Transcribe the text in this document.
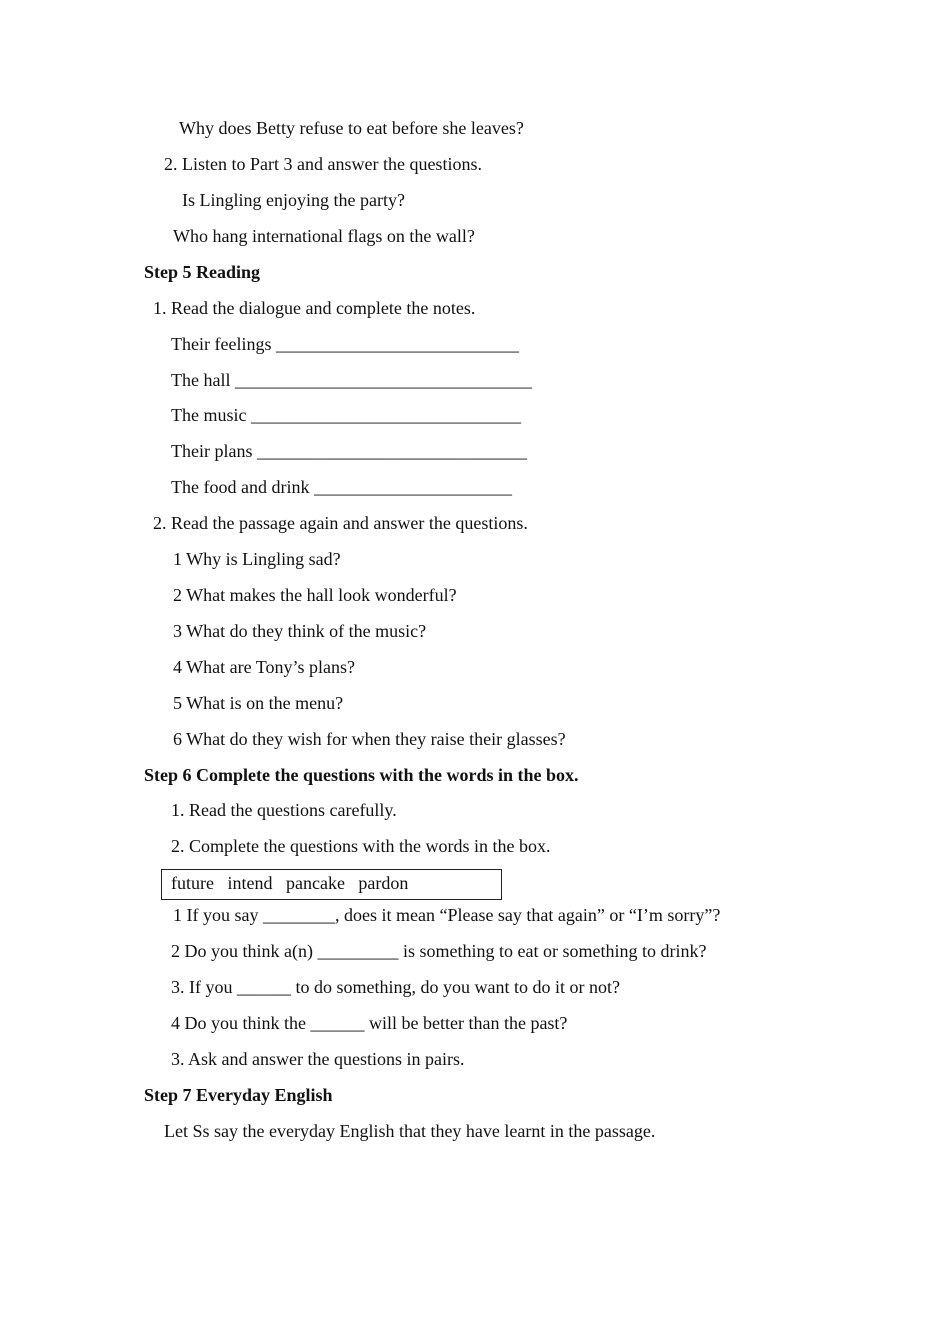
Why does Betty refuse to eat before she leaves?
2. Listen to Part 3 and answer the questions.
Is Lingling enjoying the party?
Who hang international flags on the wall?
Step 5 Reading
1. Read the dialogue and complete the notes.
Their feelings ___________________________
The hall _________________________________
The music ______________________________
Their plans ______________________________
The food and drink ______________________
2. Read the passage again and answer the questions.
1 Why is Lingling sad?
2 What makes the hall look wonderful?
3 What do they think of the music?
4 What are Tony’s plans?
5 What is on the menu?
6 What do they wish for when they raise their glasses?
Step 6 Complete the questions with the words in the box.
1. Read the questions carefully.
2. Complete the questions with the words in the box.
future   intend   pancake   pardon
1 If you say ________, does it mean “Please say that again” or “I’m sorry”?
2 Do you think a(n) _________ is something to eat or something to drink?
3. If you ______ to do something, do you want to do it or not?
4 Do you think the ______ will be better than the past?
3. Ask and answer the questions in pairs.
Step 7 Everyday English
Let Ss say the everyday English that they have learnt in the passage.
